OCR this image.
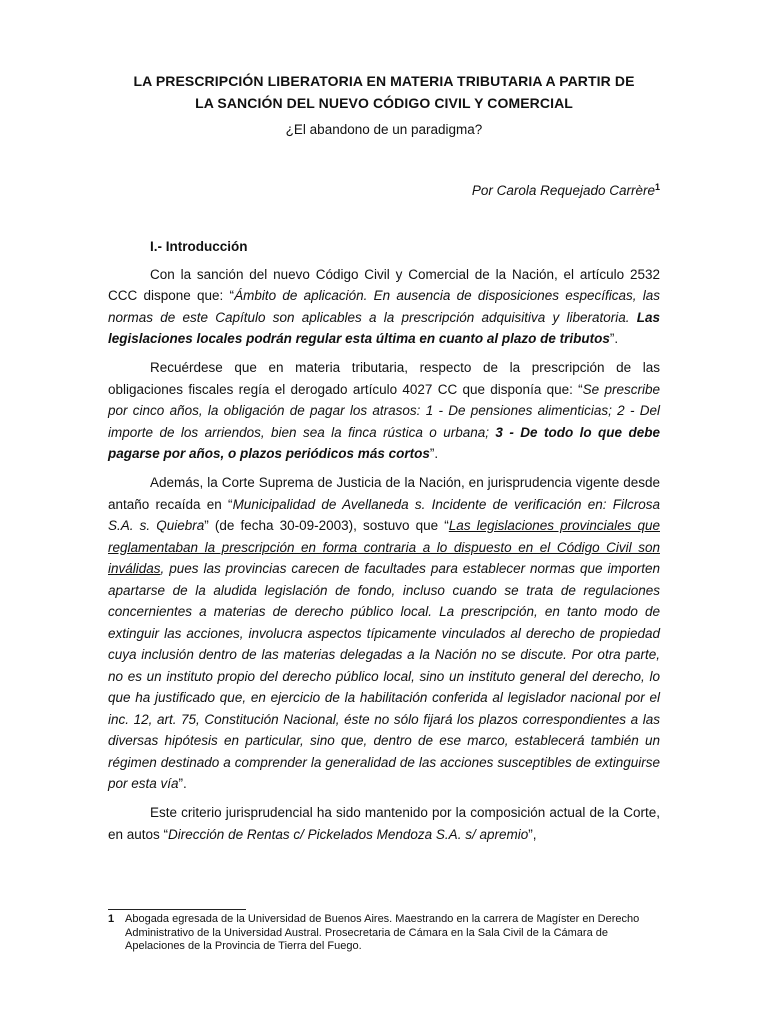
LA PRESCRIPCIÓN LIBERATORIA EN MATERIA TRIBUTARIA A PARTIR DE
LA SANCIÓN DEL NUEVO CÓDIGO CIVIL Y COMERCIAL
¿El abandono de un paradigma?
Por Carola Requejado Carrère$^1$

I.- Introducción

Con la sanción del nuevo Código Civil y Comercial de la Nación, el artículo 2532 CCC dispone que: “Ámbito de aplicación. En ausencia de disposiciones específicas, las normas de este Capítulo son aplicables a la prescripción adquisitiva y liberatoria. Las legislaciones locales podrán regular esta última en cuanto al plazo de tributos”.

Recuérdese que en materia tributaria, respecto de la prescripción de las obligaciones fiscales regía el derogado artículo 4027 CC que disponía que: “Se prescribe por cinco años, la obligación de pagar los atrasos: 1 - De pensiones alimenticias; 2 - Del importe de los arriendos, bien sea la finca rústica o urbana; 3 - De todo lo que debe pagarse por años, o plazos periódicos más cortos”.

Además, la Corte Suprema de Justicia de la Nación, en jurisprudencia vigente desde antaño recaída en “Municipalidad de Avellaneda s. Incidente de verificación en: Filcrosa S.A. s. Quiebra” (de fecha 30-09-2003), sostuvo que “Las legislaciones provinciales que reglamentaban la prescripción en forma contraria a lo dispuesto en el Código Civil son inválidas, pues las provincias carecen de facultades para establecer normas que importen apartarse de la aludida legislación de fondo, incluso cuando se trata de regulaciones concernientes a materias de derecho público local. La prescripción, en tanto modo de extinguir las acciones, involucra aspectos típicamente vinculados al derecho de propiedad cuya inclusión dentro de las materias delegadas a la Nación no se discute. Por otra parte, no es un instituto propio del derecho público local, sino un instituto general del derecho, lo que ha justificado que, en ejercicio de la habilitación conferida al legislador nacional por el inc. 12, art. 75, Constitución Nacional, éste no sólo fijará los plazos correspondientes a las diversas hipótesis en particular, sino que, dentro de ese marco, establecerá también un régimen destinado a comprender la generalidad de las acciones susceptibles de extinguirse por esta vía”.

Este criterio jurisprudencial ha sido mantenido por la composición actual de la Corte, en autos “Dirección de Rentas c/ Pickelados Mendoza S.A. s/ apremio”,

1 Abogada egresada de la Universidad de Buenos Aires. Maestrando en la carrera de Magíster en Derecho Administrativo de la Universidad Austral. Prosecretaria de Cámara en la Sala Civil de la Cámara de Apelaciones de la Provincia de Tierra del Fuego.
